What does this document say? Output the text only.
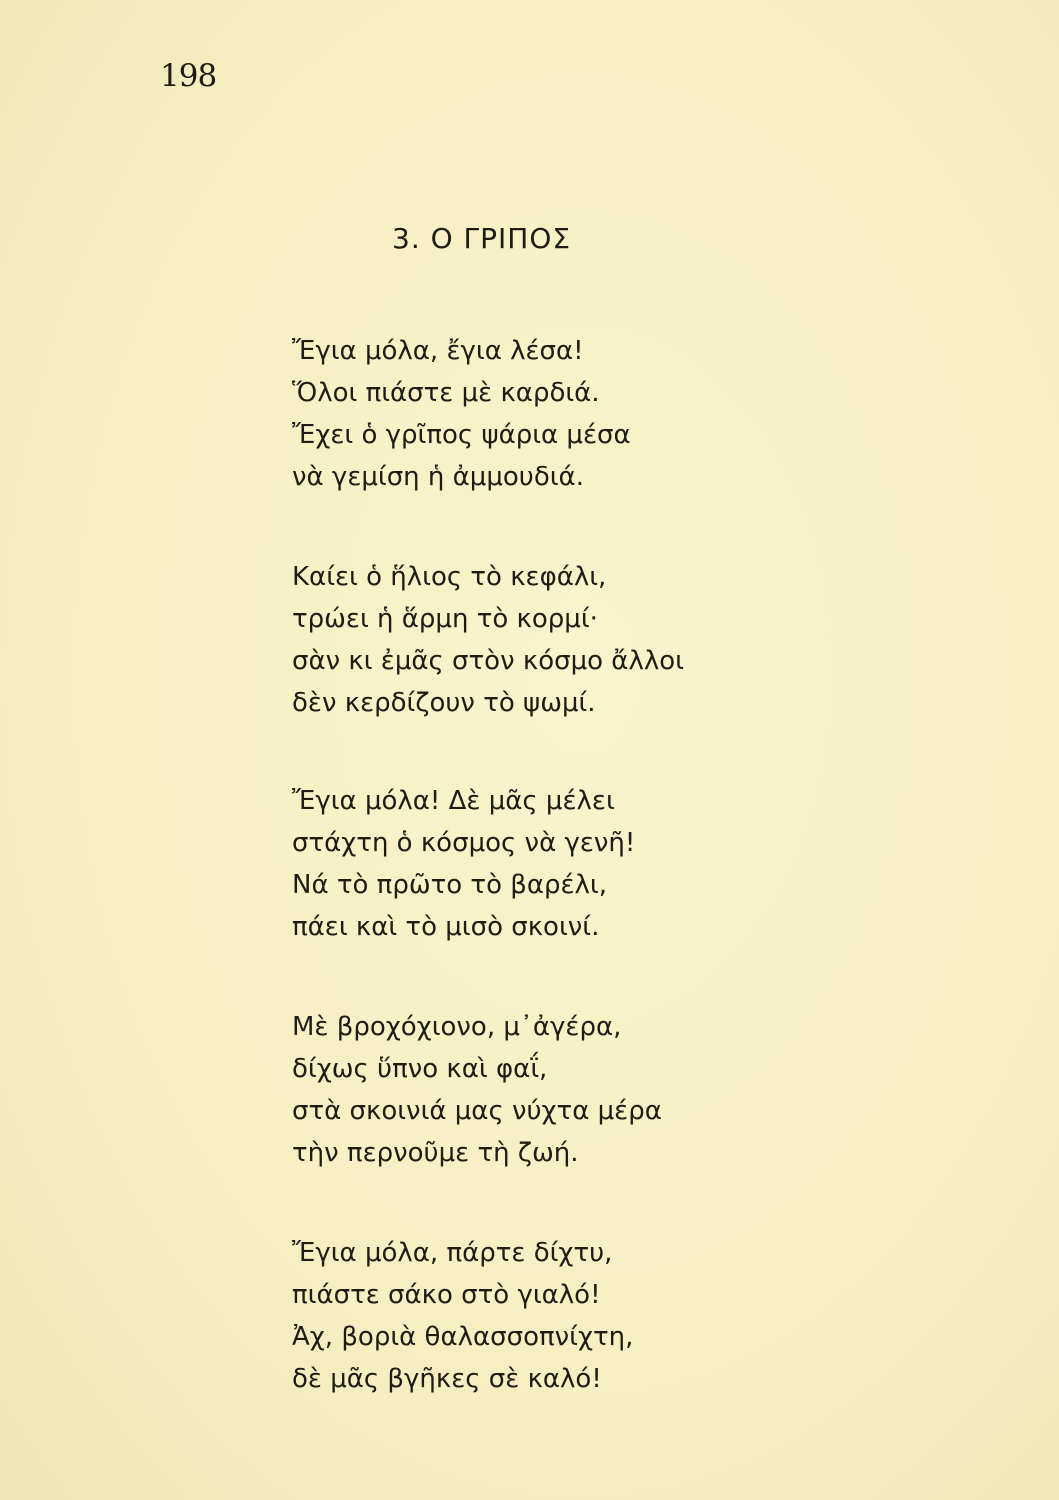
198
3. Ο ΓΡΙΠΟΣ
Ἔγια μόλα, ἔγια λέσα!
Ὅλοι πιάστε μὲ καρδιά.
Ἔχει ὁ γρῖπος ψάρια μέσα
νὰ γεμίση ἡ ἀμμουδιά.
Καίει ὁ ἥλιος τὸ κεφάλι,
τρώει ἡ ἅρμη τὸ κορμί·
σὰν κι ἐμᾶς στὸν κόσμο ἄλλοι
δὲν κερδίζουν τὸ ψωμί.
Ἔγια μόλα! Δὲ μᾶς μέλει
στάχτη ὁ κόσμος νὰ γενῆ!
Νά τὸ πρῶτο τὸ βαρέλι,
πάει καὶ τὸ μισὸ σκοινί.
Μὲ βροχόχιονο, μ᾿ἀγέρα,
δίχως ὕπνο καὶ φαΐ,
στὰ σκοινιά μας νύχτα μέρα
τὴν περνοῦμε τὴ ζωή.
Ἔγια μόλα, πάρτε δίχτυ,
πιάστε σάκο στὸ γιαλό!
Ἀχ, βοριὰ θαλασσοπνίχτη,
δὲ μᾶς βγῆκες σὲ καλό!
